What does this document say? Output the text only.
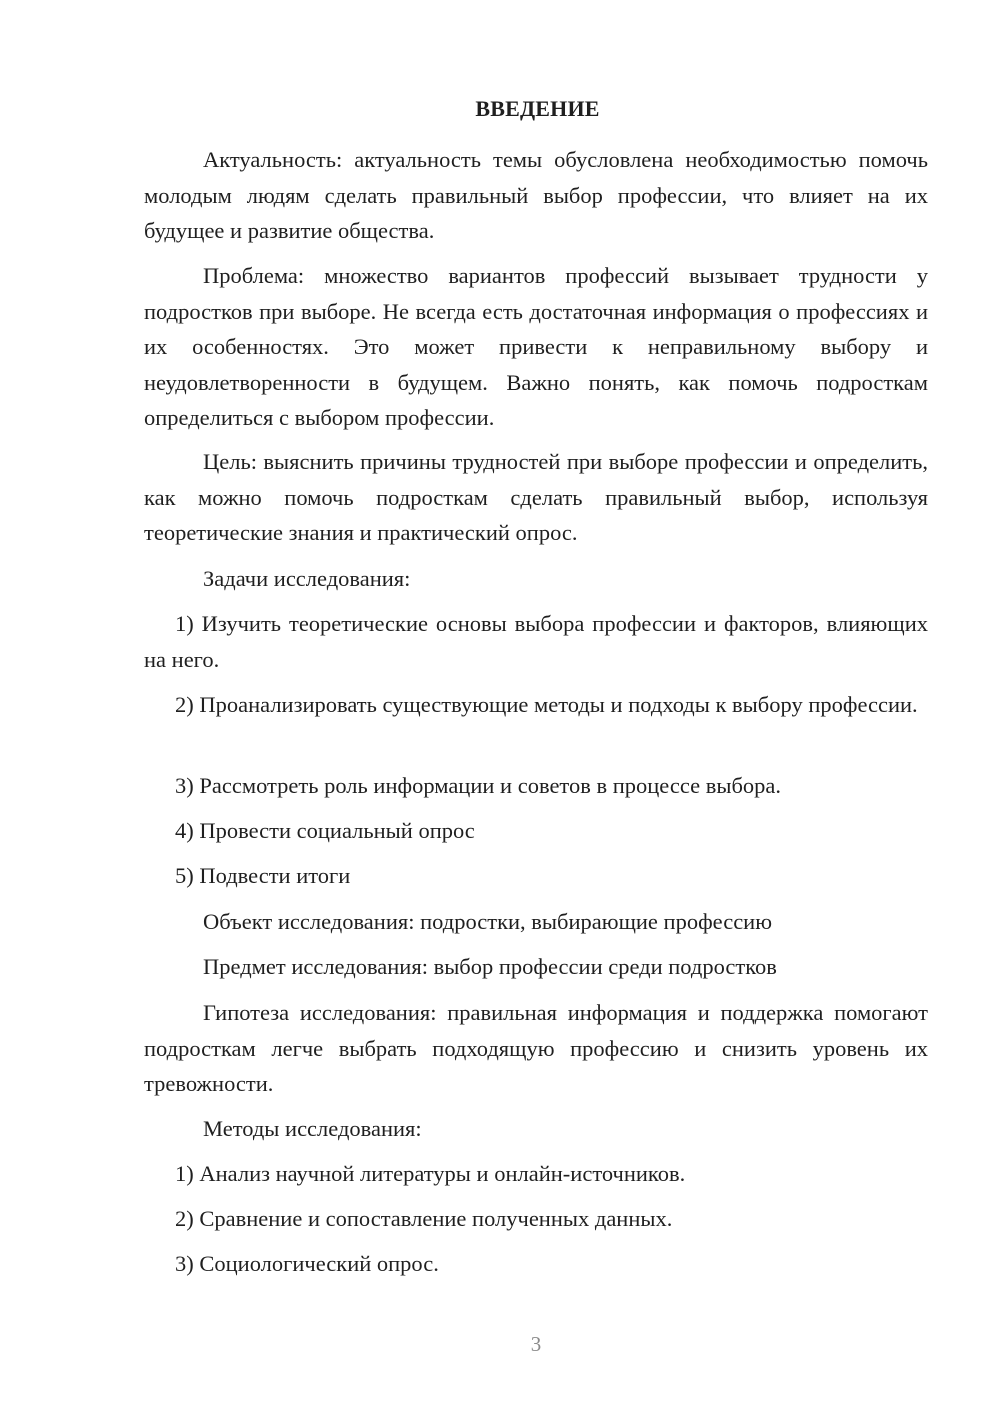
ВВЕДЕНИЕ
Актуальность: актуальность темы обусловлена необходимостью помочь молодым людям сделать правильный выбор профессии, что влияет на их будущее и развитие общества.
Проблема: множество вариантов профессий вызывает трудности у подростков при выборе. Не всегда есть достаточная информация о профессиях и их особенностях. Это может привести к неправильному выбору и неудовлетворенности в будущем. Важно понять, как помочь подросткам определиться с выбором профессии.
Цель: выяснить причины трудностей при выборе профессии и определить, как можно помочь подросткам сделать правильный выбор, используя теоретические знания и практический опрос.
Задачи исследования:
1) Изучить теоретические основы выбора профессии и факторов, влияющих на него.
2) Проанализировать существующие методы и подходы к выбору профессии.
3) Рассмотреть роль информации и советов в процессе выбора.
4) Провести социальный опрос
5) Подвести итоги
Объект исследования: подростки, выбирающие профессию
Предмет исследования: выбор профессии среди подростков
Гипотеза исследования: правильная информация и поддержка помогают подросткам легче выбрать подходящую профессию и снизить уровень их тревожности.
Методы исследования:
1) Анализ научной литературы и онлайн-источников.
2) Сравнение и сопоставление полученных данных.
3) Социологический опрос.
3
